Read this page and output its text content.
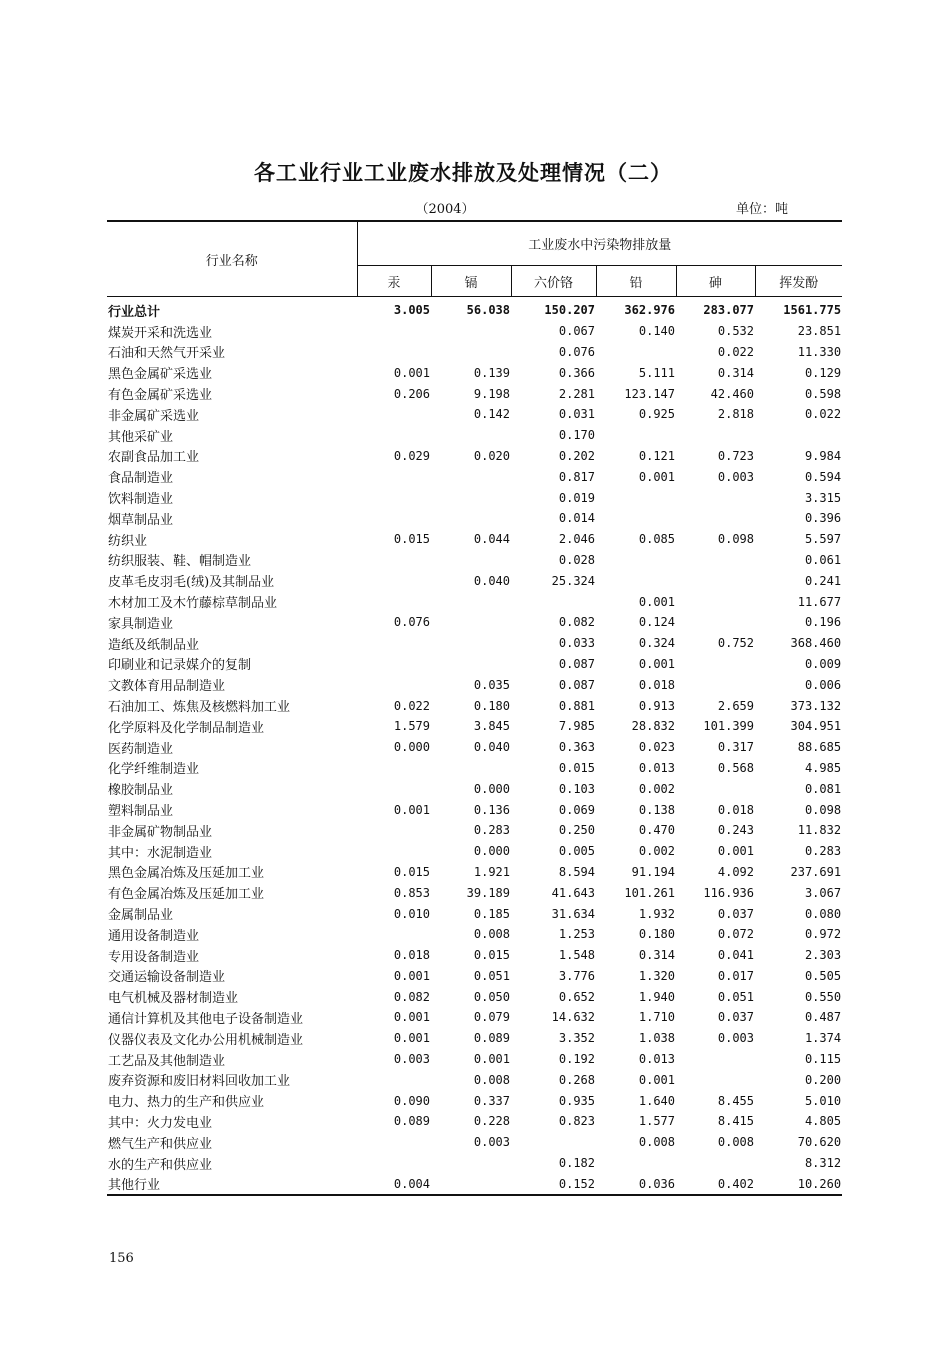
各工业行业工业废水排放及处理情况（二）
（2004）	单位：吨
行业名称	工业废水中污染物排放量					
	汞	镉	六价铬	铅	砷	挥发酚
行业总计	3.005	56.038	150.207	362.976	283.077	1561.775
煤炭开采和洗选业			0.067	0.140	0.532	23.851
石油和天然气开采业			0.076		0.022	11.330
黑色金属矿采选业	0.001	0.139	0.366	5.111	0.314	0.129
有色金属矿采选业	0.206	9.198	2.281	123.147	42.460	0.598
非金属矿采选业		0.142	0.031	0.925	2.818	0.022
其他采矿业			0.170			
农副食品加工业	0.029	0.020	0.202	0.121	0.723	9.984
食品制造业			0.817	0.001	0.003	0.594
饮料制造业			0.019			3.315
烟草制品业			0.014			0.396
纺织业	0.015	0.044	2.046	0.085	0.098	5.597
纺织服装、鞋、帽制造业			0.028			0.061
皮革毛皮羽毛(绒)及其制品业		0.040	25.324			0.241
木材加工及木竹藤棕草制品业				0.001		11.677
家具制造业	0.076		0.082	0.124		0.196
造纸及纸制品业			0.033	0.324	0.752	368.460
印刷业和记录媒介的复制			0.087	0.001		0.009
文教体育用品制造业		0.035	0.087	0.018		0.006
石油加工、炼焦及核燃料加工业	0.022	0.180	0.881	0.913	2.659	373.132
化学原料及化学制品制造业	1.579	3.845	7.985	28.832	101.399	304.951
医药制造业	0.000	0.040	0.363	0.023	0.317	88.685
化学纤维制造业			0.015	0.013	0.568	4.985
橡胶制品业		0.000	0.103	0.002		0.081
塑料制品业	0.001	0.136	0.069	0.138	0.018	0.098
非金属矿物制品业		0.283	0.250	0.470	0.243	11.832
其中：水泥制造业		0.000	0.005	0.002	0.001	0.283
黑色金属冶炼及压延加工业	0.015	1.921	8.594	91.194	4.092	237.691
有色金属冶炼及压延加工业	0.853	39.189	41.643	101.261	116.936	3.067
金属制品业	0.010	0.185	31.634	1.932	0.037	0.080
通用设备制造业		0.008	1.253	0.180	0.072	0.972
专用设备制造业	0.018	0.015	1.548	0.314	0.041	2.303
交通运输设备制造业	0.001	0.051	3.776	1.320	0.017	0.505
电气机械及器材制造业	0.082	0.050	0.652	1.940	0.051	0.550
通信计算机及其他电子设备制造业	0.001	0.079	14.632	1.710	0.037	0.487
仪器仪表及文化办公用机械制造业	0.001	0.089	3.352	1.038	0.003	1.374
工艺品及其他制造业	0.003	0.001	0.192	0.013		0.115
废弃资源和废旧材料回收加工业		0.008	0.268	0.001		0.200
电力、热力的生产和供应业	0.090	0.337	0.935	1.640	8.455	5.010
其中：火力发电业	0.089	0.228	0.823	1.577	8.415	4.805
燃气生产和供应业		0.003		0.008	0.008	70.620
水的生产和供应业			0.182			8.312
其他行业	0.004		0.152	0.036	0.402	10.260
156
